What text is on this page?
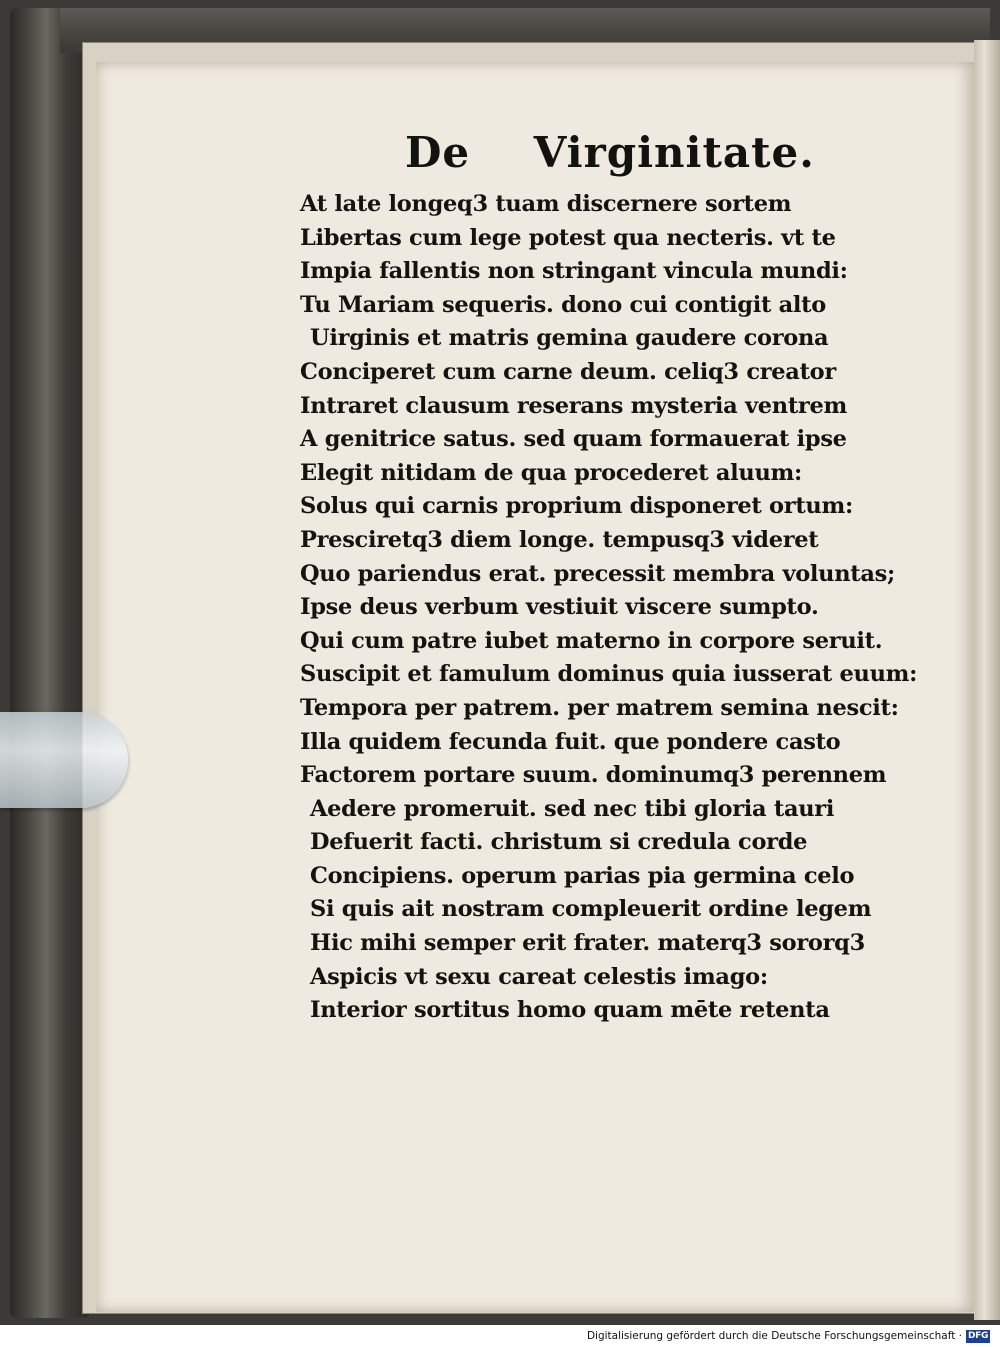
De Virginitate.
At late longeq3 tuam discernere sortem
Libertas cum lege potest qua necteris. vt te
Impia fallentis non stringant vincula mundi:
Tu Mariam sequeris. dono cui contigit alto
Uirginis et matris gemina gaudere corona
Conciperet cum carne deum. celiq3 creator
Intraret clausum reserans mysteria ventrem
A genitrice satus. sed quam formauerat ipse
Elegit nitidam de qua procederet aluum:
Solus qui carnis proprium disponeret ortum:
Presciretq3 diem longe. tempusq3 videret
Quo pariendus erat. precessit membra voluntas;
Ipse deus verbum vestiuit viscere sumpto.
Qui cum patre iubet materno in corpore seruit.
Suscipit et famulum dominus quia iusserat euum:
Tempora per patrem. per matrem semina nescit:
Illa quidem fecunda fuit. que pondere casto
Factorem portare suum. dominumq3 perennem
Aedere promeruit. sed nec tibi gloria tauri
Defuerit facti. christum si credula corde
Concipiens. operum parias pia germina celo
Si quis ait nostram compleuerit ordine legem
Hic mihi semper erit frater. materq3 sororq3
Aspicis vt sexu careat celestis imago:
Interior sortitus homo quam mēte retenta
Digitalisierung gefördert durch die Deutsche Forschungsgemeinschaft · DFG
